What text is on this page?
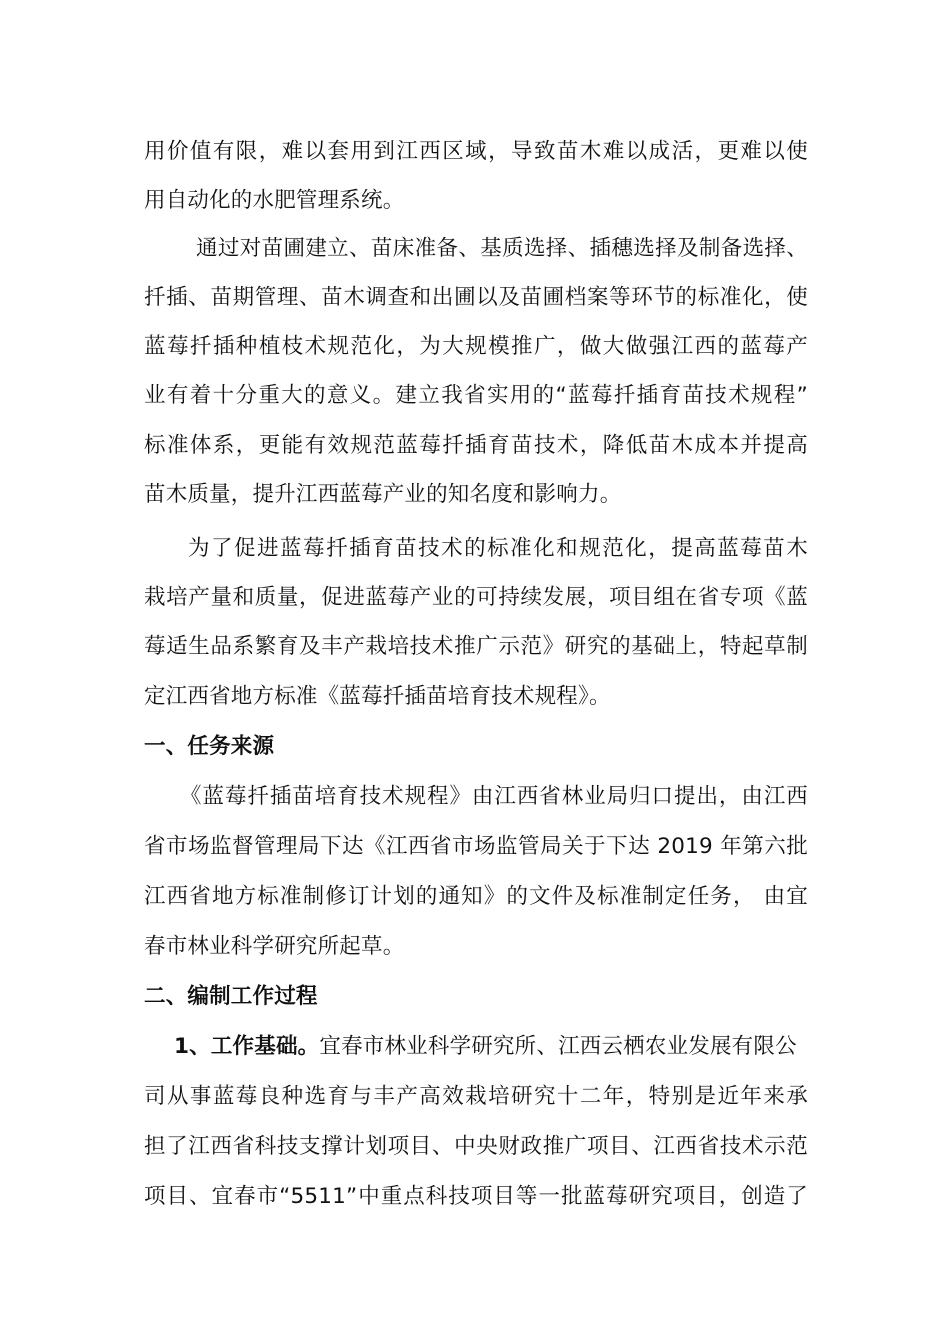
用价值有限，难以套用到江西区域，导致苗木难以成活，更难以使
用自动化的水肥管理系统。
通过对苗圃建立、苗床准备、基质选择、插穗选择及制备选择、
扦插、苗期管理、苗木调查和出圃以及苗圃档案等环节的标准化，使
蓝莓扦插种植枝术规范化，为大规模推广，做大做强江西的蓝莓产
业有着十分重大的意义。建立我省实用的“蓝莓扦插育苗技术规程”
标准体系，更能有效规范蓝莓扦插育苗技术，降低苗木成本并提高
苗木质量，提升江西蓝莓产业的知名度和影响力。
为了促进蓝莓扦插育苗技术的标准化和规范化，提高蓝莓苗木
栽培产量和质量，促进蓝莓产业的可持续发展，项目组在省专项《蓝
莓适生品系繁育及丰产栽培技术推广示范》研究的基础上，特起草制
定江西省地方标准《蓝莓扦插苗培育技术规程》。
一、任务来源
《蓝莓扦插苗培育技术规程》由江西省林业局归口提出，由江西
省市场监督管理局下达《江西省市场监管局关于下达 2019 年第六批
江西省地方标准制修订计划的通知》的文件及标准制定任务， 由宜
春市林业科学研究所起草。
二、编制工作过程
1、工作基础。宜春市林业科学研究所、江西云栖农业发展有限公
司从事蓝莓良种选育与丰产高效栽培研究十二年，特别是近年来承
担了江西省科技支撑计划项目、中央财政推广项目、江西省技术示范
项目、宜春市“5511”中重点科技项目等一批蓝莓研究项目，创造了
